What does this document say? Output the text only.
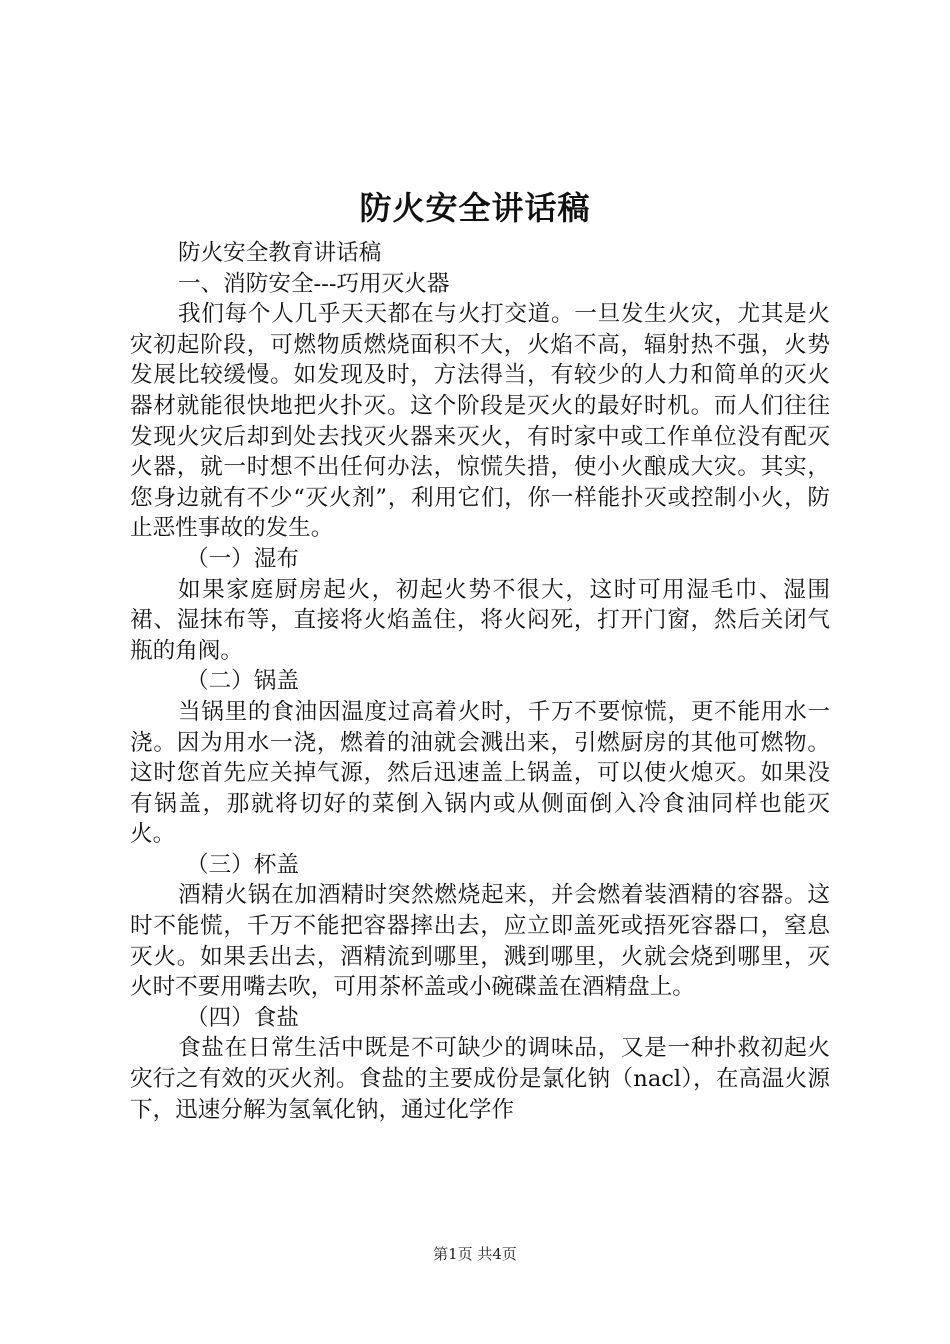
防火安全讲话稿

防火安全教育讲话稿

一、消防安全---巧用灭火器

我们每个人几乎天天都在与火打交道。一旦发生火灾，尤其是火灾初起阶段，可燃物质燃烧面积不大，火焰不高，辐射热不强，火势发展比较缓慢。如发现及时，方法得当，有较少的人力和简单的灭火器材就能很快地把火扑灭。这个阶段是灭火的最好时机。而人们往往发现火灾后却到处去找灭火器来灭火，有时家中或工作单位没有配灭火器，就一时想不出任何办法，惊慌失措，使小火酿成大灾。其实，您身边就有不少“灭火剂”，利用它们，你一样能扑灭或控制小火，防止恶性事故的发生。

（一）湿布

如果家庭厨房起火，初起火势不很大，这时可用湿毛巾、湿围裙、湿抹布等，直接将火焰盖住，将火闷死，打开门窗，然后关闭气瓶的角阀。

（二）锅盖

当锅里的食油因温度过高着火时，千万不要惊慌，更不能用水一浇。因为用水一浇，燃着的油就会溅出来，引燃厨房的其他可燃物。这时您首先应关掉气源，然后迅速盖上锅盖，可以使火熄灭。如果没有锅盖，那就将切好的菜倒入锅内或从侧面倒入冷食油同样也能灭火。

（三）杯盖

酒精火锅在加酒精时突然燃烧起来，并会燃着装酒精的容器。这时不能慌，千万不能把容器摔出去，应立即盖死或捂死容器口，窒息灭火。如果丢出去，酒精流到哪里，溅到哪里，火就会烧到哪里，灭火时不要用嘴去吹，可用茶杯盖或小碗碟盖在酒精盘上。

（四）食盐

食盐在日常生活中既是不可缺少的调味品，又是一种扑救初起火灾行之有效的灭火剂。食盐的主要成份是氯化钠（nacl），在高温火源下，迅速分解为氢氧化钠，通过化学作

第1页 共4页
